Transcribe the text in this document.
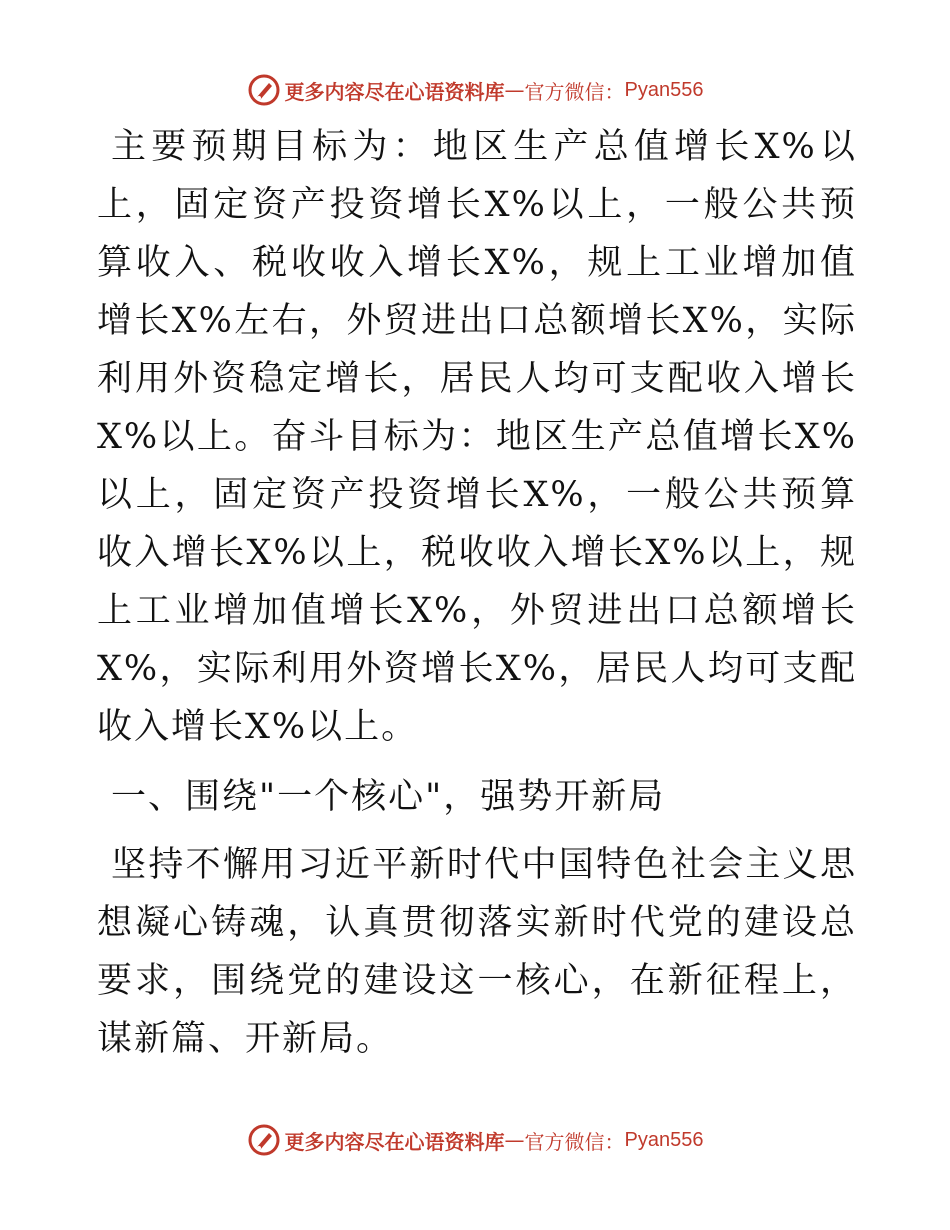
更多内容尽在心语资料库 — 官方微信： Pyan556

主要预期目标为：地区生产总值增长X%以上，固定资产投资增长X%以上，一般公共预算收入、税收收入增长X%，规上工业增加值增长X%左右，外贸进出口总额增长X%，实际利用外资稳定增长，居民人均可支配收入增长X%以上。奋斗目标为：地区生产总值增长X%以上，固定资产投资增长X%，一般公共预算收入增长X%以上，税收收入增长X%以上，规上工业增加值增长X%，外贸进出口总额增长X%，实际利用外资增长X%，居民人均可支配收入增长X%以上。

一、围绕"一个核心"，强势开新局

坚持不懈用习近平新时代中国特色社会主义思想凝心铸魂，认真贯彻落实新时代党的建设总要求，围绕党的建设这一核心，在新征程上，谋新篇、开新局。

更多内容尽在心语资料库 — 官方微信： Pyan556
